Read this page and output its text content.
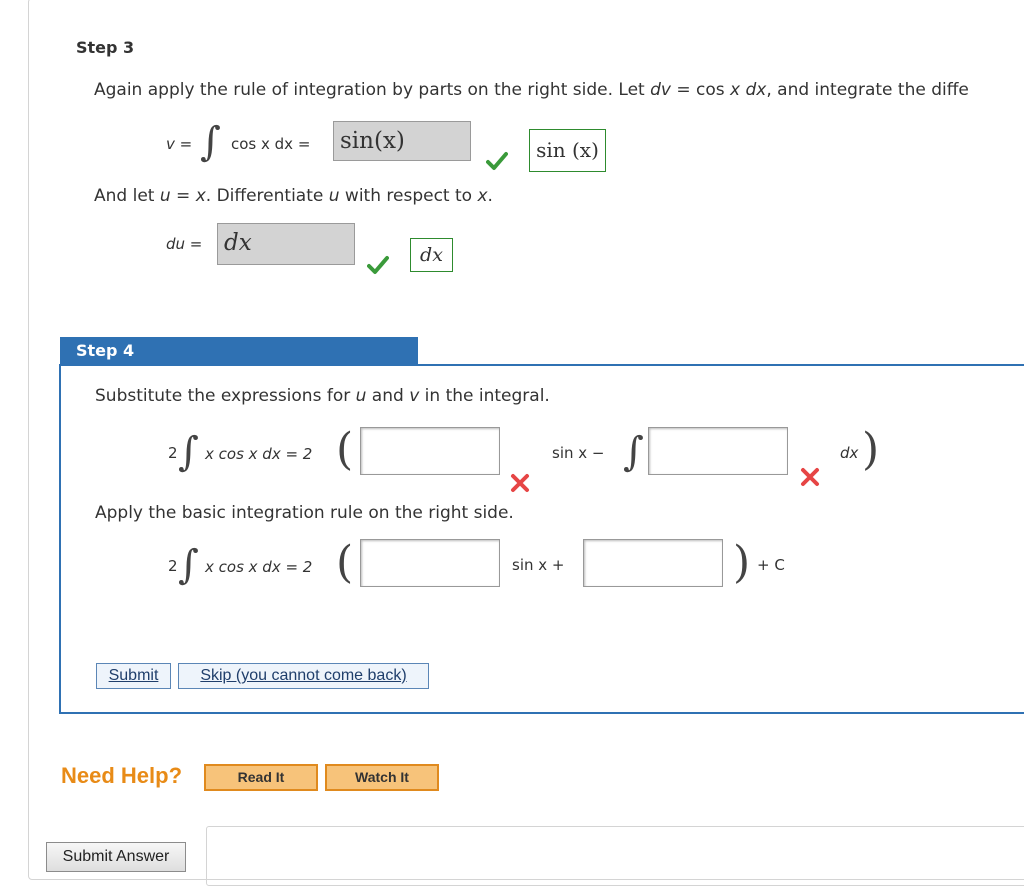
Step 3
Again apply the rule of integration by parts on the right side. Let dv = cos x dx, and integrate the diffe
v = ∫ cos x dx =	sin(x)	sin (x)
And let u = x. Differentiate u with respect to x.
du = dx	dx
Step 4
Substitute the expressions for u and v in the integral.
2 ∫ x cos x dx = 2 (	sin x − ∫	dx )
Apply the basic integration rule on the right side.
2 ∫ x cos x dx = 2 (	sin x +	) + C
Submit	Skip (you cannot come back)
Need Help?	Read It	Watch It
Submit Answer
